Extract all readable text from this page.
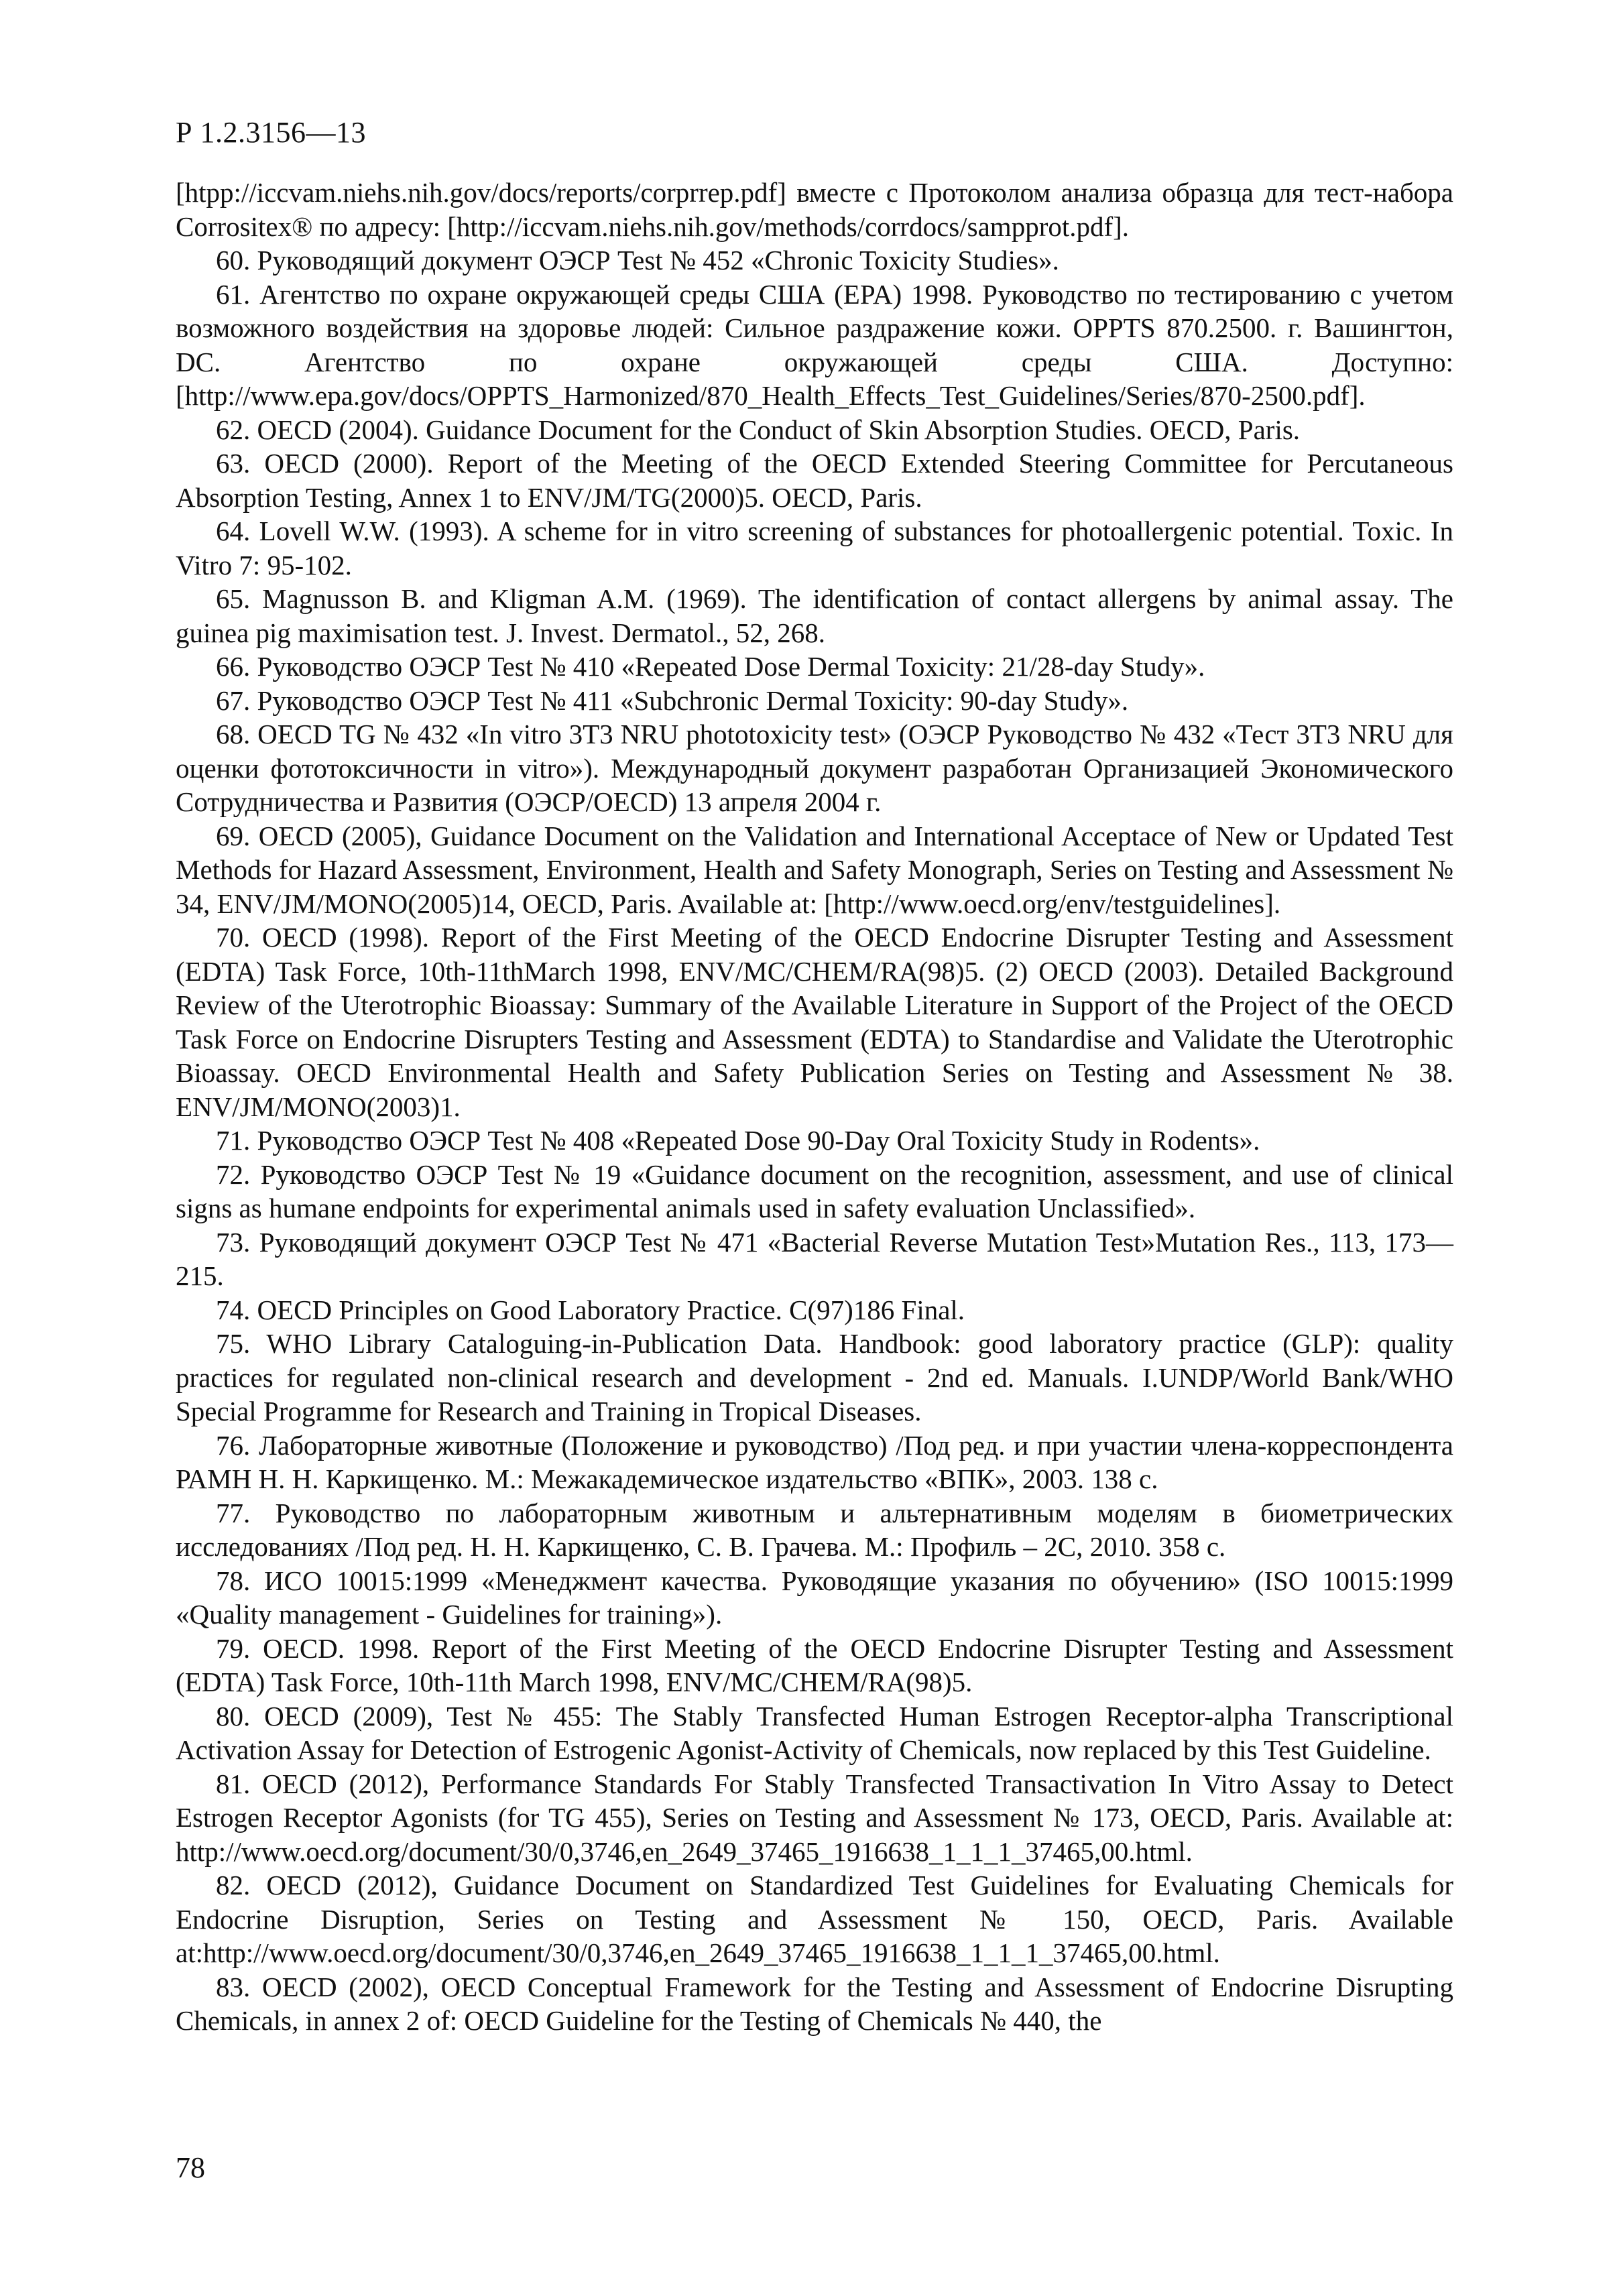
Р 1.2.3156—13

[htpp://iccvam.niehs.nih.gov/docs/reports/corprrep.pdf] вместе с Протоколом анализа образца для тест-набора Corrositex® по адресу: [http://iccvam.niehs.nih.gov/methods/corrdocs/sampprot.pdf].

60. Руководящий документ ОЭСР Test № 452 «Chronic Toxicity Studies».

61. Агентство по охране окружающей среды США (EPA) 1998. Руководство по тестированию с учетом возможного воздействия на здоровье людей: Сильное раздражение кожи. OPPTS 870.2500. г. Вашингтон, DC. Агентство по охране окружающей среды США. Доступно: [http://www.epa.gov/docs/OPPTS_Harmonized/870_Health_Effects_Test_Guidelines/Series/870-2500.pdf].

62. OECD (2004). Guidance Document for the Conduct of Skin Absorption Studies. OECD, Paris.

63. OECD (2000). Report of the Meeting of the OECD Extended Steering Committee for Percutaneous Absorption Testing, Annex 1 to ENV/JM/TG(2000)5. OECD, Paris.

64. Lovell W.W. (1993). A scheme for in vitro screening of substances for photoallergenic potential. Toxic. In Vitro 7: 95-102.

65. Magnusson B. and Kligman A.M. (1969). The identification of contact allergens by animal assay. The guinea pig maximisation test. J. Invest. Dermatol., 52, 268.

66. Руководство ОЭСР Test № 410 «Repeated Dose Dermal Toxicity: 21/28-day Study».

67. Руководство ОЭСР Test № 411 «Subchronic Dermal Toxicity: 90-day Study».

68. OECD TG № 432 «In vitro 3T3 NRU phototoxicity test» (ОЭСР Руководство № 432 «Тест 3T3 NRU для оценки фототоксичности in vitro»). Международный документ разработан Организацией Экономического Сотрудничества и Развития (ОЭСР/OECD) 13 апреля 2004 г.

69. OECD (2005), Guidance Document on the Validation and International Acceptace of New or Updated Test Methods for Hazard Assessment, Environment, Health and Safety Monograph, Series on Testing and Assessment № 34, ENV/JM/MONO(2005)14, OECD, Paris. Available at: [http://www.oecd.org/env/testguidelines].

70. OECD (1998). Report of the First Meeting of the OECD Endocrine Disrupter Testing and Assessment (EDTA) Task Force, 10th-11thMarch 1998, ENV/MC/CHEM/RA(98)5. (2) OECD (2003). Detailed Background Review of the Uterotrophic Bioassay: Summary of the Available Literature in Support of the Project of the OECD Task Force on Endocrine Disrupters Testing and Assessment (EDTA) to Standardise and Validate the Uterotrophic Bioassay. OECD Environmental Health and Safety Publication Series on Testing and Assessment № 38. ENV/JM/MONO(2003)1.

71. Руководство ОЭСР Test № 408 «Repeated Dose 90-Day Oral Toxicity Study in Rodents».

72. Руководство ОЭСР Test № 19 «Guidance document on the recognition, assessment, and use of clinical signs as humane endpoints for experimental animals used in safety evaluation Unclassified».

73. Руководящий документ ОЭСР Test № 471 «Bacterial Reverse Mutation Test»Mutation Res., 113, 173—215.

74. OECD Principles on Good Laboratory Practice. C(97)186 Final.

75. WHO Library Cataloguing-in-Publication Data. Handbook: good laboratory practice (GLP): quality practices for regulated non-clinical research and development - 2nd ed. Manuals. I.UNDP/World Bank/WHO Special Programme for Research and Training in Tropical Diseases.

76. Лабораторные животные (Положение и руководство) /Под ред. и при участии члена-корреспондента РАМН Н. Н. Каркищенко. М.: Межакадемическое издательство «ВПК», 2003. 138 с.

77. Руководство по лабораторным животным и альтернативным моделям в биометрических исследованиях /Под ред. Н. Н. Каркищенко, С. В. Грачева. М.: Профиль – 2С, 2010. 358 с.

78. ИСО 10015:1999 «Менеджмент качества. Руководящие указания по обучению» (ISO 10015:1999 «Quality management - Guidelines for training»).

79. OECD. 1998. Report of the First Meeting of the OECD Endocrine Disrupter Testing and Assessment (EDTA) Task Force, 10th-11th March 1998, ENV/MC/CHEM/RA(98)5.

80. OECD (2009), Test № 455: The Stably Transfected Human Estrogen Receptor-alpha Transcriptional Activation Assay for Detection of Estrogenic Agonist-Activity of Chemicals, now replaced by this Test Guideline.

81. OECD (2012), Performance Standards For Stably Transfected Transactivation In Vitro Assay to Detect Estrogen Receptor Agonists (for TG 455), Series on Testing and Assessment № 173, OECD, Paris. Available at: http://www.oecd.org/document/30/0,3746,en_2649_37465_1916638_1_1_1_37465,00.html.

82. OECD (2012), Guidance Document on Standardized Test Guidelines for Evaluating Chemicals for Endocrine Disruption, Series on Testing and Assessment № 150, OECD, Paris. Available at:http://www.oecd.org/document/30/0,3746,en_2649_37465_1916638_1_1_1_37465,00.html.

83. OECD (2002), OECD Conceptual Framework for the Testing and Assessment of Endocrine Disrupting Chemicals, in annex 2 of: OECD Guideline for the Testing of Chemicals № 440, the

78
